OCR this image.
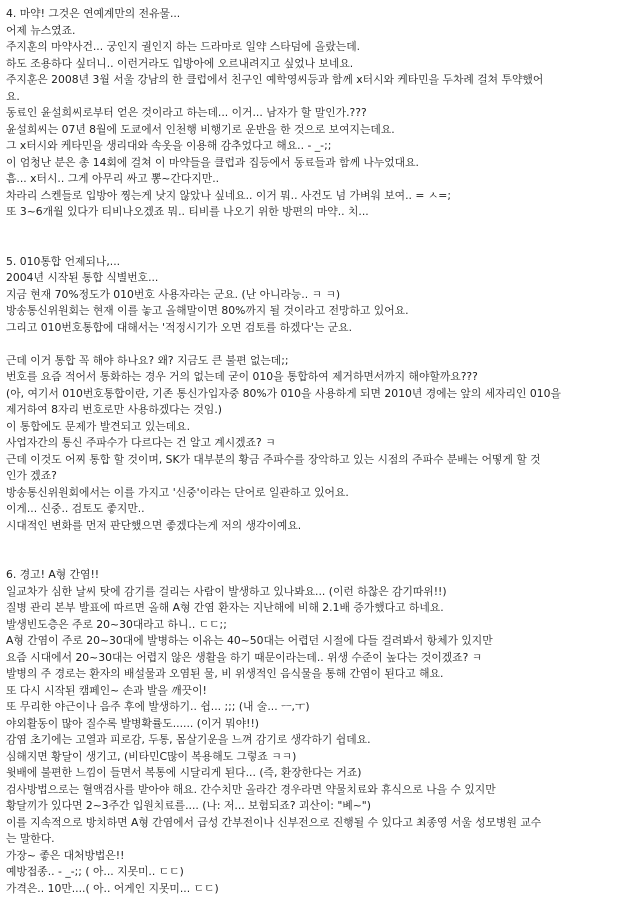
4. 마약! 그것은 연예계만의 전유물...
어제 뉴스였죠.
주지훈의 마약사건... 궁인지 궐인지 하는 드라마로 일약 스타덤에 올랐는데.
하도 조용하다 싶더니.. 이런거라도 입방아에 오르내려지고 싶었나 보네요.
주지훈은 2008년 3월 서울 강남의 한 클럽에서 친구인 예학영씨등과 함께 x터시와 케타민을 두차례 걸쳐 투약했어
요.
동료인 윤설희씨로부터 얻은 것이라고 하는데... 이거... 남자가 할 말인가.???
윤설희씨는 07년 8월에 도쿄에서 인천행 비행기로 운반을 한 것으로 보여지는데요.
그 x터시와 케타민을 생리대와 속옷을 이용해 감추었다고 해요.. - _-;;
이 엄청난 분은 총 14회에 걸쳐 이 마약들을 클럽과 집등에서 동료들과 함께 나누었대요.
흠... x터시.. 그게 아무리 싸고 뽕~간다지만..
차라리 스켄들로 입방아 찡는게 낫지 않았나 싶네요.. 이거 뭐.. 사건도 넘 가벼워 보여.. = ㅅ=;
또 3~6개월 있다가 티비나오겠죠 뭐.. 티비를 나오기 위한 방편의 마약.. 치...
5. 010통합 언제되나,...
2004년 시작된 통합 식별번호...
지금 현재 70%정도가 010번호 사용자라는 군요. (난 아니라능.. ㅋ ㅋ)
방송통신위원회는 현재 이를 놓고 올해말이면 80%까지 될 것이라고 전망하고 있어요.
그리고 010번호통합에 대해서는 '적정시기가 오면 검토를 하겠다'는 군요.
근데 이거 통합 꼭 해야 하나요? 왜? 지금도 큰 불편 없는데;;
번호를 요즘 적어서 통화하는 경우 거의 없는데 굳이 010을 통합하여 제거하면서까지 해야할까요???
(아, 여기서 010번호통합이란, 기존 통신가입자중 80%가 010을 사용하게 되면 2010년 경에는 앞의 세자리인 010을
제거하여 8자리 번호로만 사용하겠다는 것임.)
이 통합에도 문제가 발견되고 있는데요.
사업자간의 통신 주파수가 다르다는 건 알고 계시겠죠? ㅋ
근데 이것도 어찌 통합 할 것이며, SK가 대부분의 황금 주파수를 장악하고 있는 시점의 주파수 분배는 어떻게 할 것
인가 겠죠?
방송통신위원회에서는 이를 가지고 '신중'이라는 단어로 일관하고 있어요.
이게... 신중.. 검토도 좋지만..
시대적인 변화를 먼저 판단했으면 좋겠다는게 저의 생각이예요.
6. 경고! A형 간염!!
일교차가 심한 날씨 탓에 감기를 걸리는 사람이 발생하고 있나봐요... (이런 하찮은 감기따위!!)
질병 관리 본부 발표에 따르면 올해 A형 간염 환자는 지난해에 비해 2.1배 증가했다고 하네요.
발생빈도층은 주로 20~30대라고 하니.. ㄷㄷ;;
A형 간염이 주로 20~30대에 발병하는 이유는 40~50대는 어렵던 시절에 다들 걸려봐서 항체가 있지만
요즘 시대에서 20~30대는 어렵지 않은 생활을 하기 때문이라는데.. 위생 수준이 높다는 것이겠죠? ㅋ
발병의 주 경로는 환자의 배설물과 오염된 물, 비 위생적인 음식물을 통해 간염이 된다고 해요.
또 다시 시작된 캠페인~ 손과 발을 깨끗이!
또 무리한 야근이나 음주 후에 발생하기.. 쉽... ;;; (내 술... ㅡ,ㅜ)
야외활동이 많아 질수록 발병확률도...... (이거 뭐야!!)
감염 초기에는 고열과 피로감, 두통, 몸살기운을 느껴 감기로 생각하기 쉽데요.
심해지면 황달이 생기고, (비타민C많이 복용해도 그렇죠 ㅋㅋ)
윗배에 불편한 느낌이 들면서 복통에 시달리게 된다... (즉, 환장한다는 거죠)
검사방법으로는 혈액검사를 받아야 해요. 간수치만 올라간 경우라면 약물치료와 휴식으로 나을 수 있지만
황달끼가 있다면 2~3주간 입원치료를.... (나: 저... 보험되죠? 괴산이: "볘~")
이를 지속적으로 방치하면 A형 간염에서 급성 간부전이나 신부전으로 진행될 수 있다고 최종영 서울 성모병원 교수
는 말한다.
가장~ 좋은 대처방법은!!
예방접종.. - _-;; ( 아... 지못미.. ㄷㄷ)
가격은.. 10만....( 아.. 어게인 지못미... ㄷㄷ)
